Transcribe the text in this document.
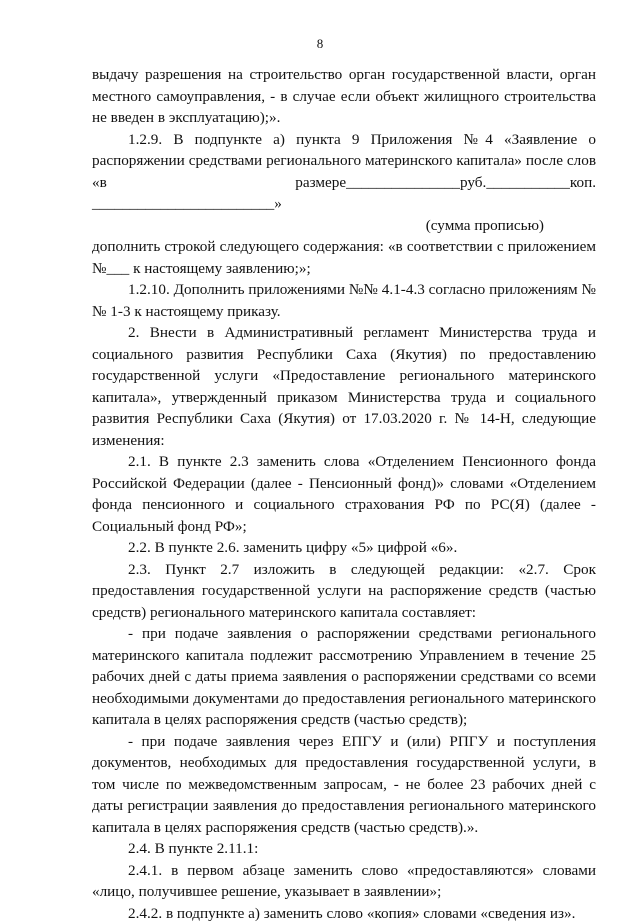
8

выдачу разрешения на строительство орган государственной власти, орган местного самоуправления, - в случае если объект жилищного строительства не введен в эксплуатацию);».

1.2.9. В подпункте а) пункта 9 Приложения №4 «Заявление о распоряжении средствами регионального материнского капитала» после слов «в размере_______________руб.___________коп. ________________________»

(сумма прописью)

дополнить строкой следующего содержания: «в соответствии с приложением №___ к настоящему заявлению;»;

1.2.10. Дополнить приложениями №№ 4.1-4.3 согласно приложениям №№ 1-3 к настоящему приказу.

2. Внести в Административный регламент Министерства труда и социального развития Республики Саха (Якутия) по предоставлению государственной услуги «Предоставление регионального материнского капитала», утвержденный приказом Министерства труда и социального развития Республики Саха (Якутия) от 17.03.2020 г. № 14-Н, следующие изменения:

2.1. В пункте 2.3 заменить слова «Отделением Пенсионного фонда Российской Федерации (далее - Пенсионный фонд)» словами «Отделением фонда пенсионного и социального страхования РФ по РС(Я) (далее - Социальный фонд РФ»;

2.2. В пункте 2.6. заменить цифру «5» цифрой «6».

2.3. Пункт 2.7 изложить в следующей редакции: «2.7. Срок предоставления государственной услуги на распоряжение средств (частью средств) регионального материнского капитала составляет:

- при подаче заявления о распоряжении средствами регионального материнского капитала подлежит рассмотрению Управлением в течение 25 рабочих дней с даты приема заявления о распоряжении средствами со всеми необходимыми документами до предоставления регионального материнского капитала в целях распоряжения средств (частью средств);

- при подаче заявления через ЕПГУ и (или) РПГУ и поступления документов, необходимых для предоставления государственной услуги, в том числе по межведомственным запросам, - не более 23 рабочих дней с даты регистрации заявления до предоставления регионального материнского капитала в целях распоряжения средств (частью средств).».

2.4. В пункте 2.11.1:

2.4.1. в первом абзаце заменить слово «предоставляются» словами «лицо, получившее решение, указывает в заявлении»;

2.4.2. в подпункте а) заменить слово «копия» словами «сведения из».
